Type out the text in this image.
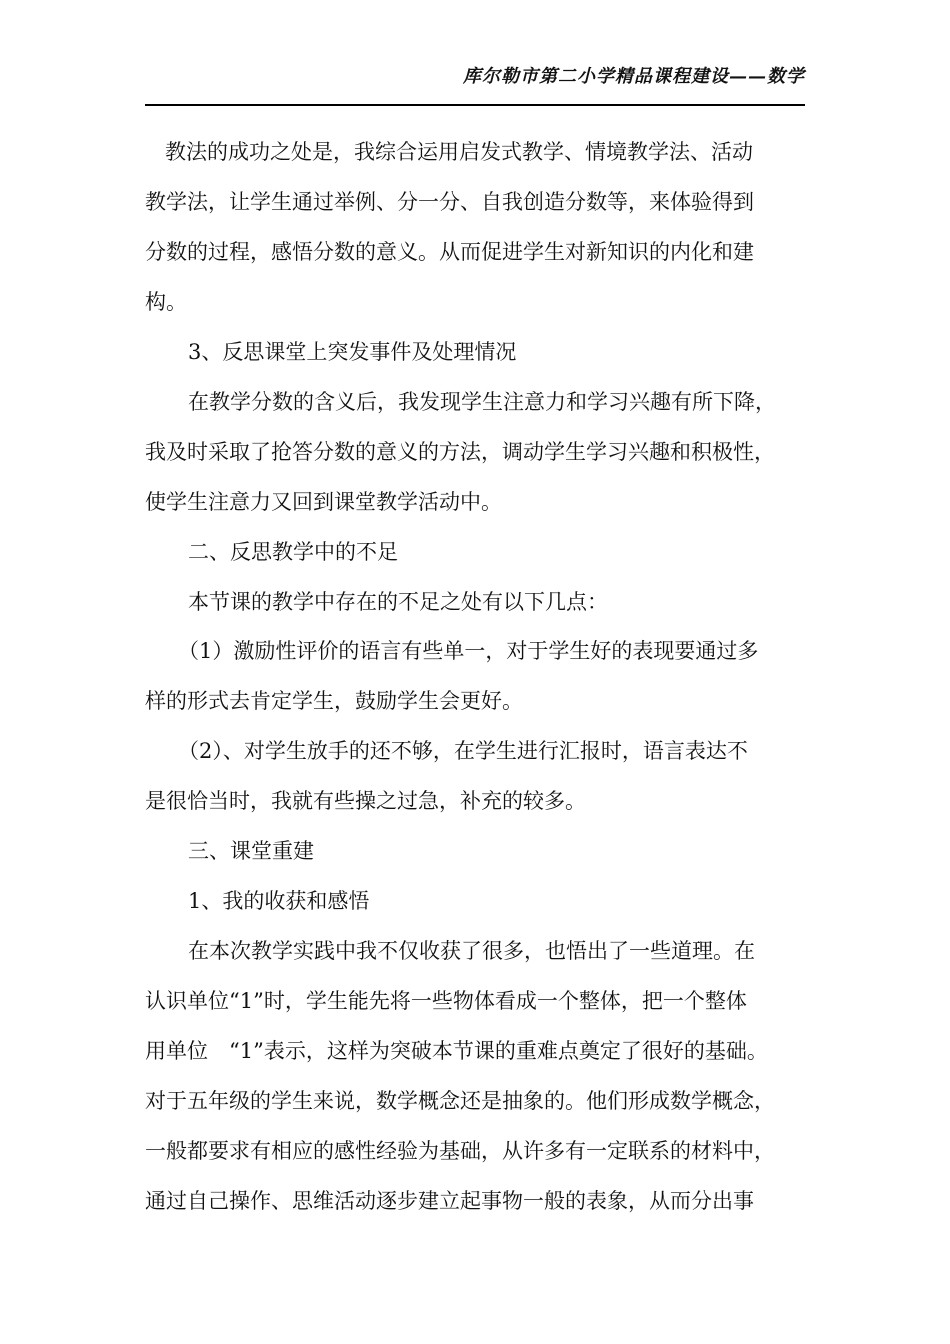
库尔勒市第二小学精品课程建设——数学
教法的成功之处是，我综合运用启发式教学、情境教学法、活动
教学法，让学生通过举例、分一分、自我创造分数等，来体验得到
分数的过程，感悟分数的意义。从而促进学生对新知识的内化和建
构。
3、反思课堂上突发事件及处理情况
在教学分数的含义后，我发现学生注意力和学习兴趣有所下降，
我及时采取了抢答分数的意义的方法，调动学生学习兴趣和积极性，
使学生注意力又回到课堂教学活动中。
二、反思教学中的不足
本节课的教学中存在的不足之处有以下几点：
（1）激励性评价的语言有些单一，对于学生好的表现要通过多
样的形式去肯定学生，鼓励学生会更好。
（2）、对学生放手的还不够，在学生进行汇报时，语言表达不
是很恰当时，我就有些操之过急，补充的较多。
三、课堂重建
1、我的收获和感悟
在本次教学实践中我不仅收获了很多，也悟出了一些道理。在
认识单位“1”时，学生能先将一些物体看成一个整体，把一个整体
用单位　“1”表示，这样为突破本节课的重难点奠定了很好的基础。
对于五年级的学生来说，数学概念还是抽象的。他们形成数学概念，
一般都要求有相应的感性经验为基础，从许多有一定联系的材料中，
通过自己操作、思维活动逐步建立起事物一般的表象，从而分出事
